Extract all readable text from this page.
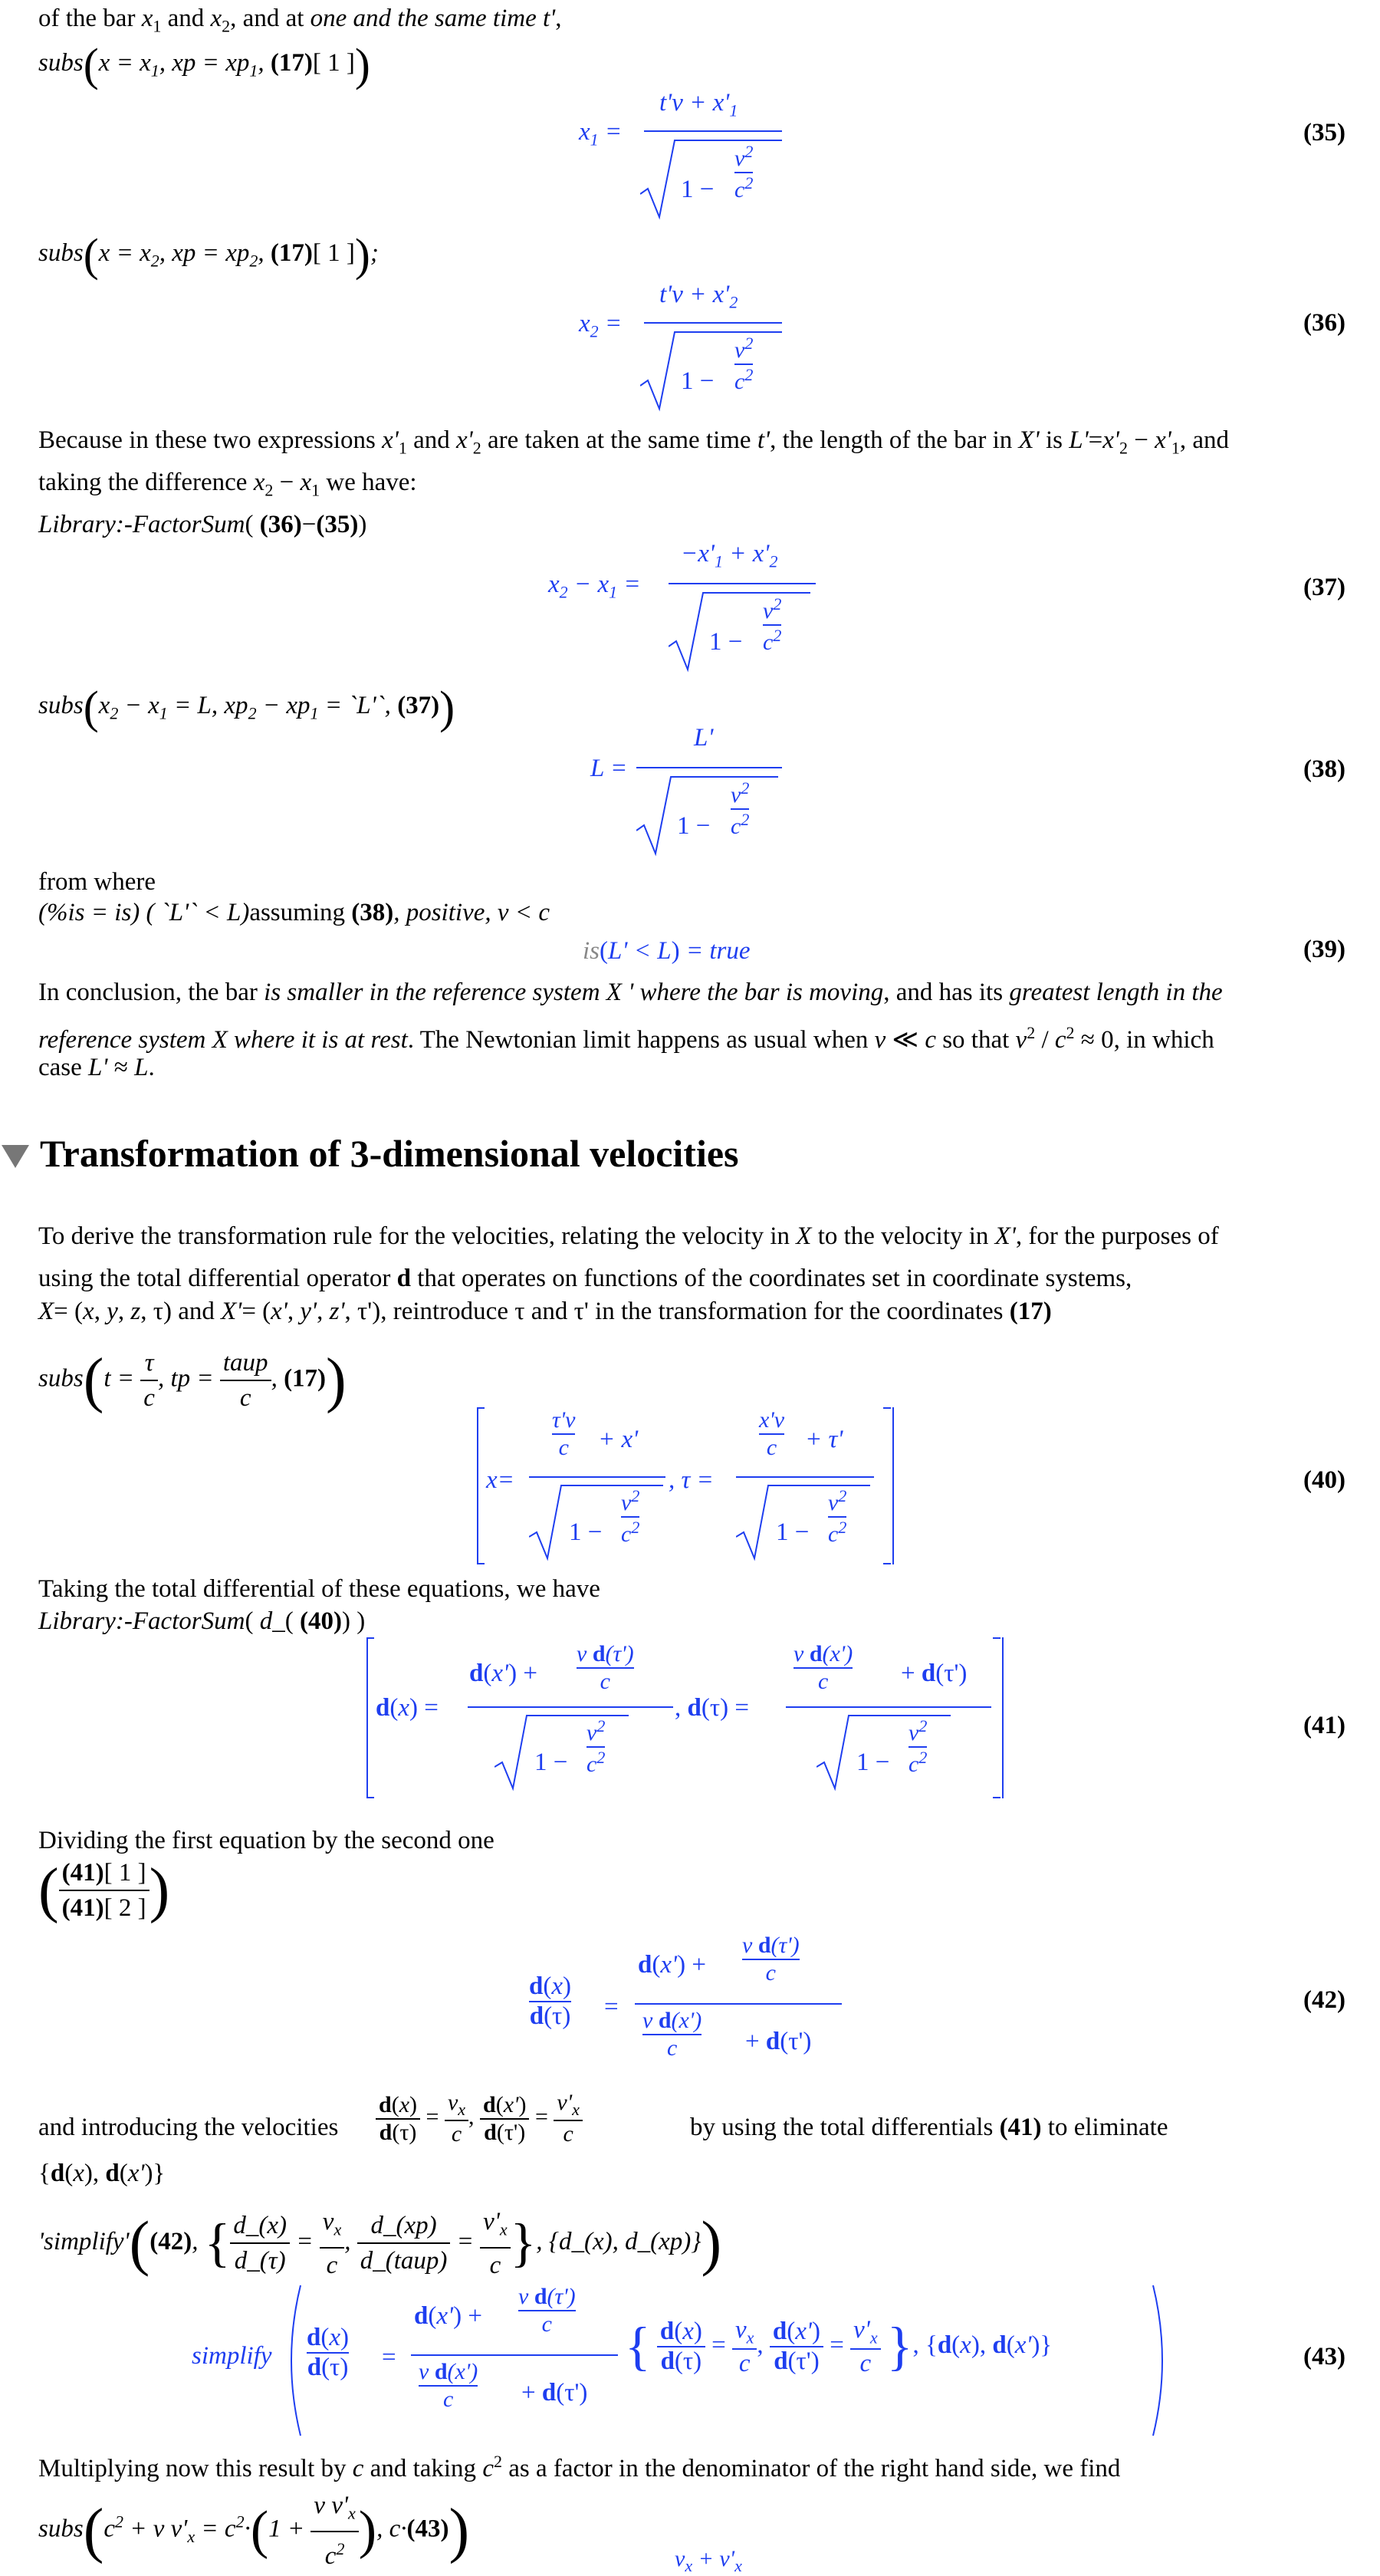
of the bar $x_1$ and $x_2$, and at one and the same time t',
subs(x = $x_1$, xp = $xp_1$, (17)[ 1 ])
$x_1$ =
$t'v + x'_1$
1 −
$v^2$
$c^2$
(35)
subs(x = $x_2$, xp = $xp_2$, (17)[ 1 ]);
$x_2$ =
$t'v + x'_2$
1 −
$v^2$
$c^2$
(36)
Because in these two expressions $x'_1$ and $x'_2$ are taken at the same time t', the length of the bar in X' is $L'=x'_2 - x'_1$, and
taking the difference $x_2 - x_1$ we have:
Library:-FactorSum( (36)−(35))
$x_2 - x_1$ =
$-x'_1 + x'_2$
1 −
$v^2$
$c^2$
(37)
$subs(x_2 - x_1 = L$, $xp_2 - xp_1$ = `L'`, (37))
L =
L'
1 −
$v^2$
$c^2$
(38)
from where
(%is = is) ( `L'` < L)assuming (38), positive, v < c
is(L' < L) = true	(39)
In conclusion, the bar is smaller in the reference system X ' where the bar is moving, and has its greatest length in the
reference system X where it is at rest. The Newtonian limit happens as usual when v ≪ c so that $v^2 / c^2 \approx 0$, in which
case L' ≈ L.
Transformation of 3-dimensional velocities
To derive the transformation rule for the velocities, relating the velocity in X to the velocity in X', for the purposes of
using the total differential operator d that operates on functions of the coordinates set in coordinate systems,
X= (x, y, z, τ) and X'= (x', y', z', τ'), reintroduce τ and τ' in the transformation for the coordinates (17)
subs(t = $\frac{\tau}{c}$ , tp = $\frac{\text{taup}}{c}$ , (17))
x=
τ'v
c + x'
1 −
$v^2$
$c^2$
, τ =
x'v
c + τ'
1 −
$v^2$
$c^2$
(40)
Taking the total differential of these equations, we have
Library:-FactorSum( d_( (40)) )
d(x) =
d(x') +
v d(τ')
c
1 −
$v^2$
$c^2$
, d(τ) =
v d(x')
c	+ d(τ')
1 −
$v^2$
$c^2$
(41)
Dividing the first equation by the second one
( $\frac{(41)[ 1 ]}{(41)[ 2 ]}$ )
d(x)
d(τ) =
d(x') +
v d(τ')
c
v d(x')
c	+ d(τ')
(42)
and introducing the velocities $\frac{d(x)}{d(\tau)} = \frac{v_x}{c}$ , $\frac{d(x')}{d(\tau')} = \frac{v'_x}{c}$	by using the total differentials (41) to eliminate
{d(x), d(x')}
'simplify'((42), { $\frac{d\_(x)}{d\_(\tau)} = \frac{v_x}{c}$ , $\frac{d\_(xp)}{\text{d\_(taup)}} = \frac{v'_x}{c}$ }, {d_(x), d_(xp)})
simplify
d(x)
d(τ) =
d(x') +
v d(τ')
c
v d(x')
c	+ d(τ')
{ $\frac{d(x)}{d(\tau)} = \frac{v_x}{c}$ , $\frac{d(x')}{d(\tau')} = \frac{v'_x}{c}$ }, {d(x), d(x')}	(43)
Multiplying now this result by c and taking $c^2$ as a factor in the denominator of the right hand side, we find
$subs(c^2 + v$ $v'_x = c^2\cdot(1 + \frac{v v'_x}{c^2}$ ), c·(43))	$v_x + v'_x$
